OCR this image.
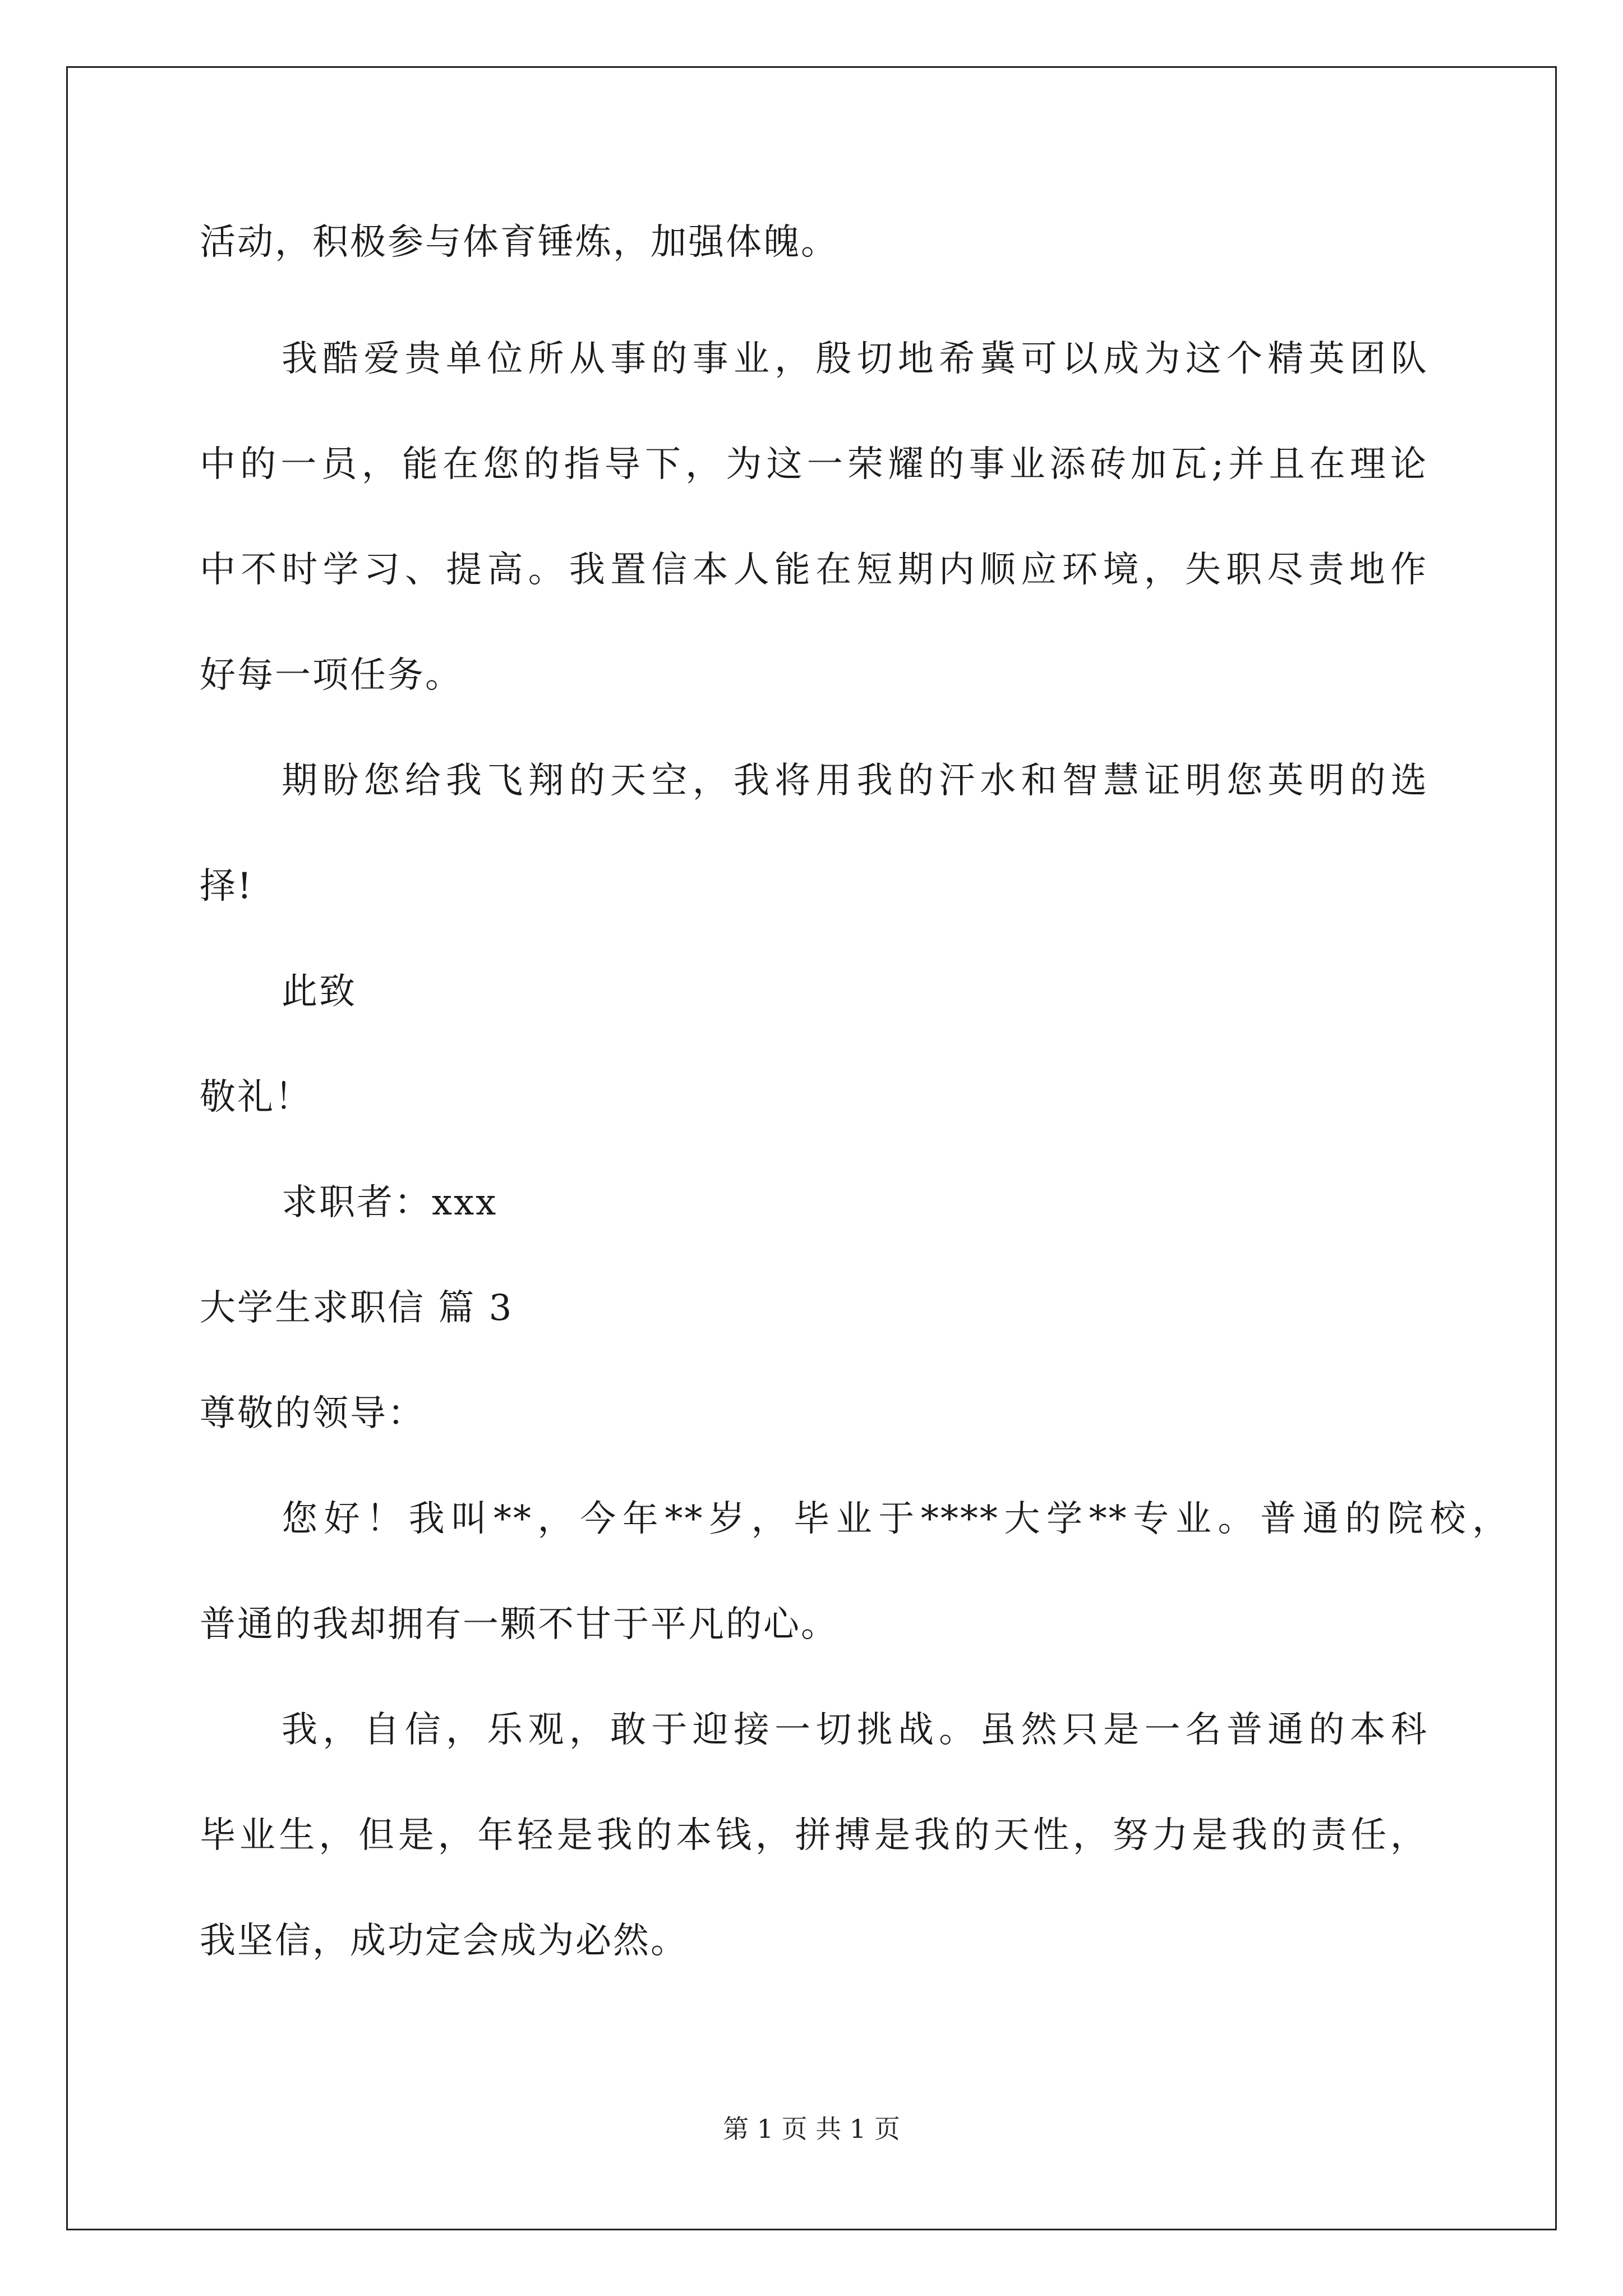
活动，积极参与体育锤炼，加强体魄。
我酷爱贵单位所从事的事业，殷切地希冀可以成为这个精英团队
中的一员，能在您的指导下，为这一荣耀的事业添砖加瓦;并且在理论
中不时学习、提高。我置信本人能在短期内顺应环境，失职尽责地作
好每一项任务。
期盼您给我飞翔的天空，我将用我的汗水和智慧证明您英明的选
择!
此致
敬礼！
求职者：xxx
大学生求职信 篇 3
尊敬的领导：
您好！我叫**，今年**岁，毕业于****大学**专业。普通的院校，
普通的我却拥有一颗不甘于平凡的心。
我，自信，乐观，敢于迎接一切挑战。虽然只是一名普通的本科
毕业生，但是，年轻是我的本钱，拼搏是我的天性，努力是我的责任，
我坚信，成功定会成为必然。
第 1 页 共 1 页
